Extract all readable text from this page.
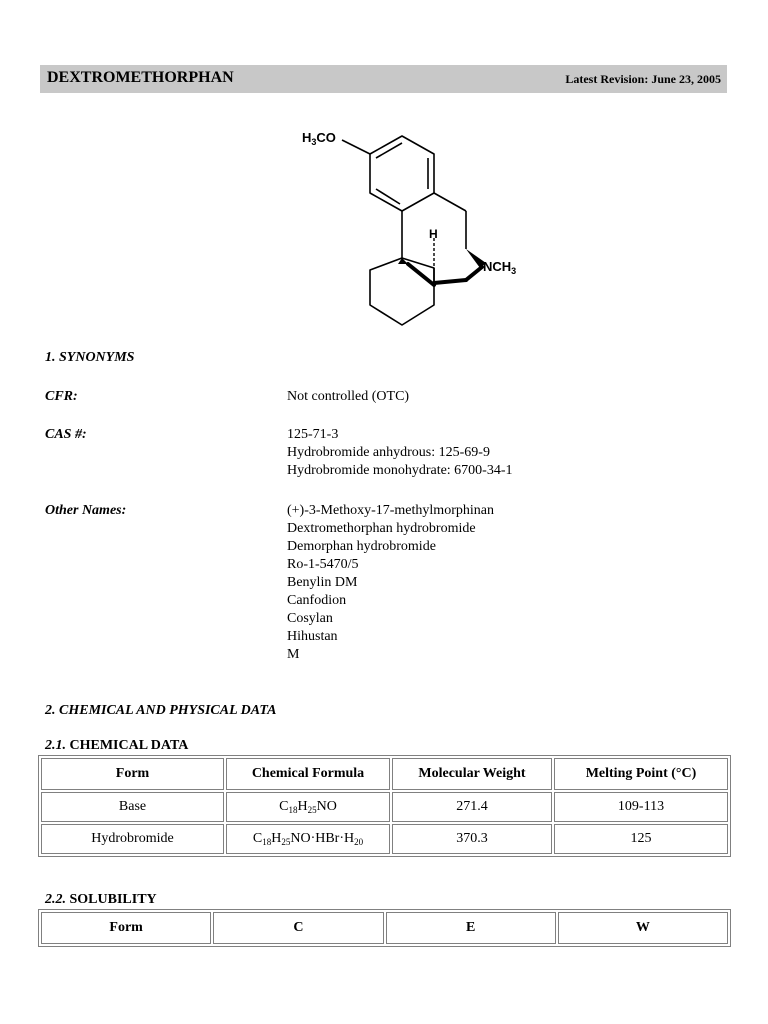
DEXTROMETHORPHAN	Latest Revision: June 23, 2005
$H_3CO$
H
$NCH_3$
1. SYNONYMS
CFR:	Not controlled (OTC)
CAS #:	125-71-3
Hydrobromide anhydrous: 125-69-9
Hydrobromide monohydrate: 6700-34-1
Other Names:	(+)-3-Methoxy-17-methylmorphinan
Dextromethorphan hydrobromide
Demorphan hydrobromide
Ro-1-5470/5
Benylin DM
Canfodion
Cosylan
Hihustan
M
2. CHEMICAL AND PHYSICAL DATA
2.1. CHEMICAL DATA
Form	Chemical Formula	Molecular Weight	Melting Point (°C)
Base	$C_{18}H_{25}NO$	271.4	109-113
Hydrobromide	$C_{18}H_{25}NO\cdot HBr\cdot H_{20}$	370.3	125
2.2. SOLUBILITY
Form	C	E	W
